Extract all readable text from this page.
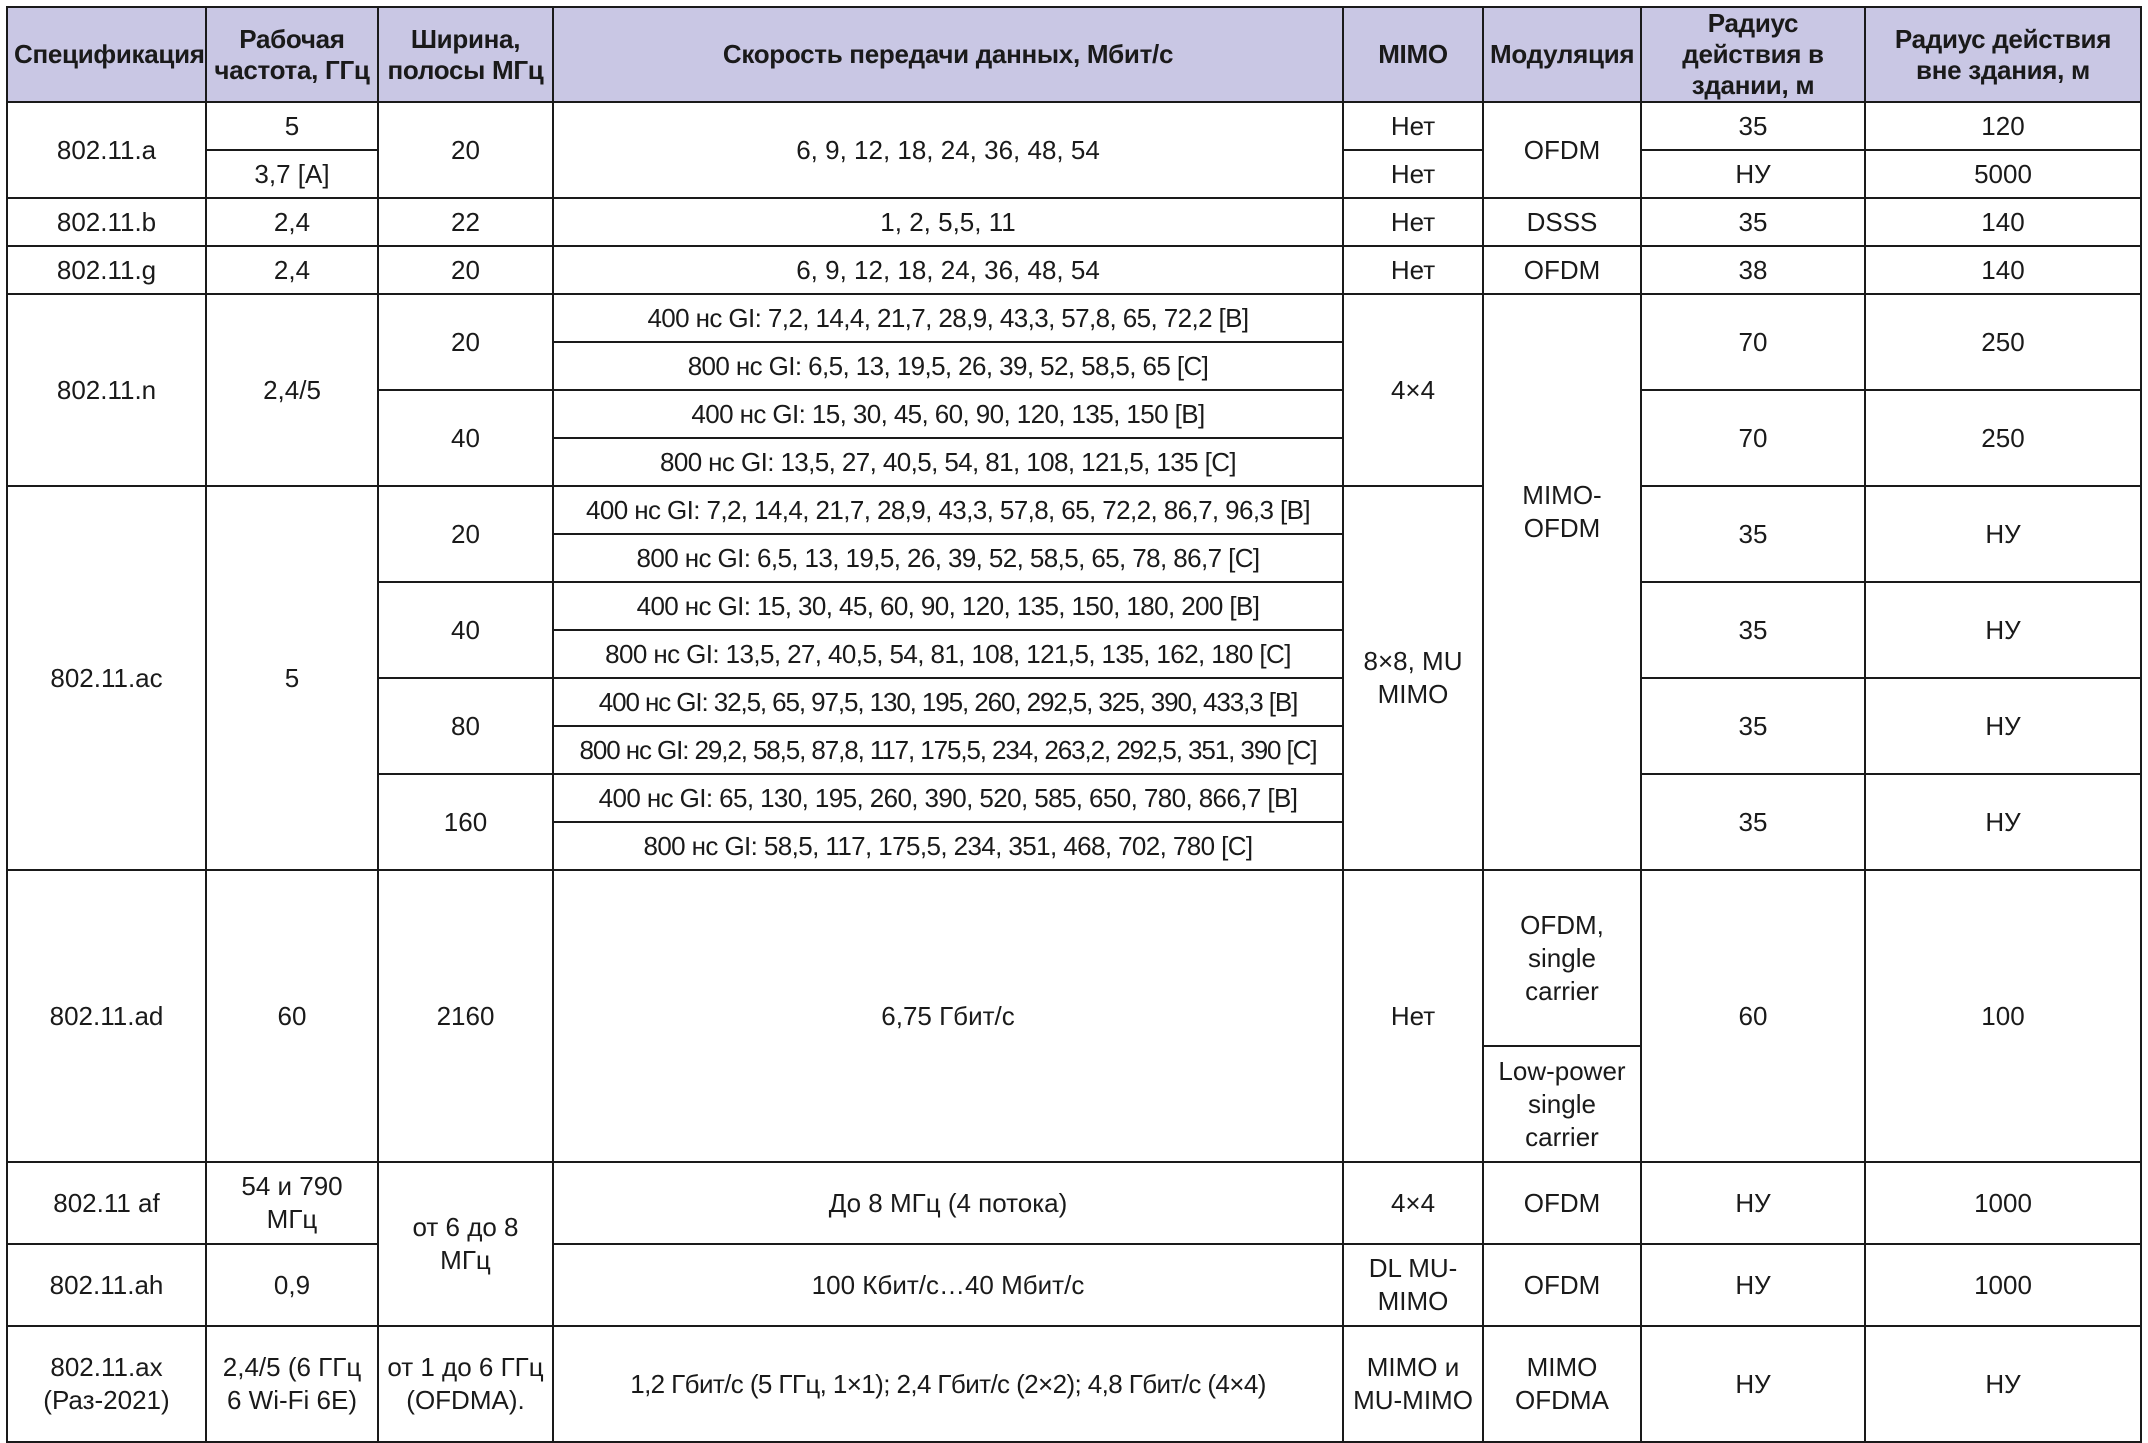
Спецификация	Рабочая частота, ГГц	Ширина, полосы МГц	Скорость передачи данных, Мбит/с	MIMO	Модуляция	Радиус действия в здании, м	Радиус действия вне здания, м
802.11.a	5	20	6, 9, 12, 18, 24, 36, 48, 54	Нет	OFDM	35	120
	3,7 [A]			Нет		НУ	5000
802.11.b	2,4	22	1, 2, 5,5, 11	Нет	DSSS	35	140
802.11.g	2,4	20	6, 9, 12, 18, 24, 36, 48, 54	Нет	OFDM	38	140
802.11.n	2,4/5	20	400 нс GI: 7,2, 14,4, 21,7, 28,9, 43,3, 57,8, 65, 72,2 [B]	4×4	MIMO-OFDM	70	250
			800 нс GI: 6,5, 13, 19,5, 26, 39, 52, 58,5, 65 [C]				
		40	400 нс GI: 15, 30, 45, 60, 90, 120, 135, 150 [B]			70	250
			800 нс GI: 13,5, 27, 40,5, 54, 81, 108, 121,5, 135 [C]				
802.11.ac	5	20	400 нс GI: 7,2, 14,4, 21,7, 28,9, 43,3, 57,8, 65, 72,2, 86,7, 96,3 [B]	8×8, MU MIMO		35	НУ
			800 нс GI: 6,5, 13, 19,5, 26, 39, 52, 58,5, 65, 78, 86,7 [C]				
		40	400 нс GI: 15, 30, 45, 60, 90, 120, 135, 150, 180, 200 [B]			35	НУ
			800 нс GI: 13,5, 27, 40,5, 54, 81, 108, 121,5, 135, 162, 180 [C]				
		80	400 нс GI: 32,5, 65, 97,5, 130, 195, 260, 292,5, 325, 390, 433,3 [B]			35	НУ
			800 нс GI: 29,2, 58,5, 87,8, 117, 175,5, 234, 263,2, 292,5, 351, 390 [C]				
		160	400 нс GI: 65, 130, 195, 260, 390, 520, 585, 650, 780, 866,7 [B]			35	НУ
			800 нс GI: 58,5, 117, 175,5, 234, 351, 468, 702, 780 [C]				
802.11.ad	60	2160	6,75 Гбит/с	Нет	OFDM, single carrier	60	100
					Low-power single carrier		
802.11 af	54 и 790 МГц	от 6 до 8 МГц	До 8 МГц (4 потока)	4×4	OFDM	НУ	1000
802.11.ah	0,9		100 Кбит/с…40 Мбит/с	DL MU-MIMO	OFDM	НУ	1000
802.11.ax (Раз-2021)	2,4/5 (6 ГГц 6 Wi-Fi 6E)	от 1 до 6 ГГц (OFDMA).	1,2 Гбит/с (5 ГГц, 1×1); 2,4 Гбит/с (2×2); 4,8 Гбит/с (4×4)	MIMO и MU-MIMO	MIMO OFDMA	НУ	НУ
